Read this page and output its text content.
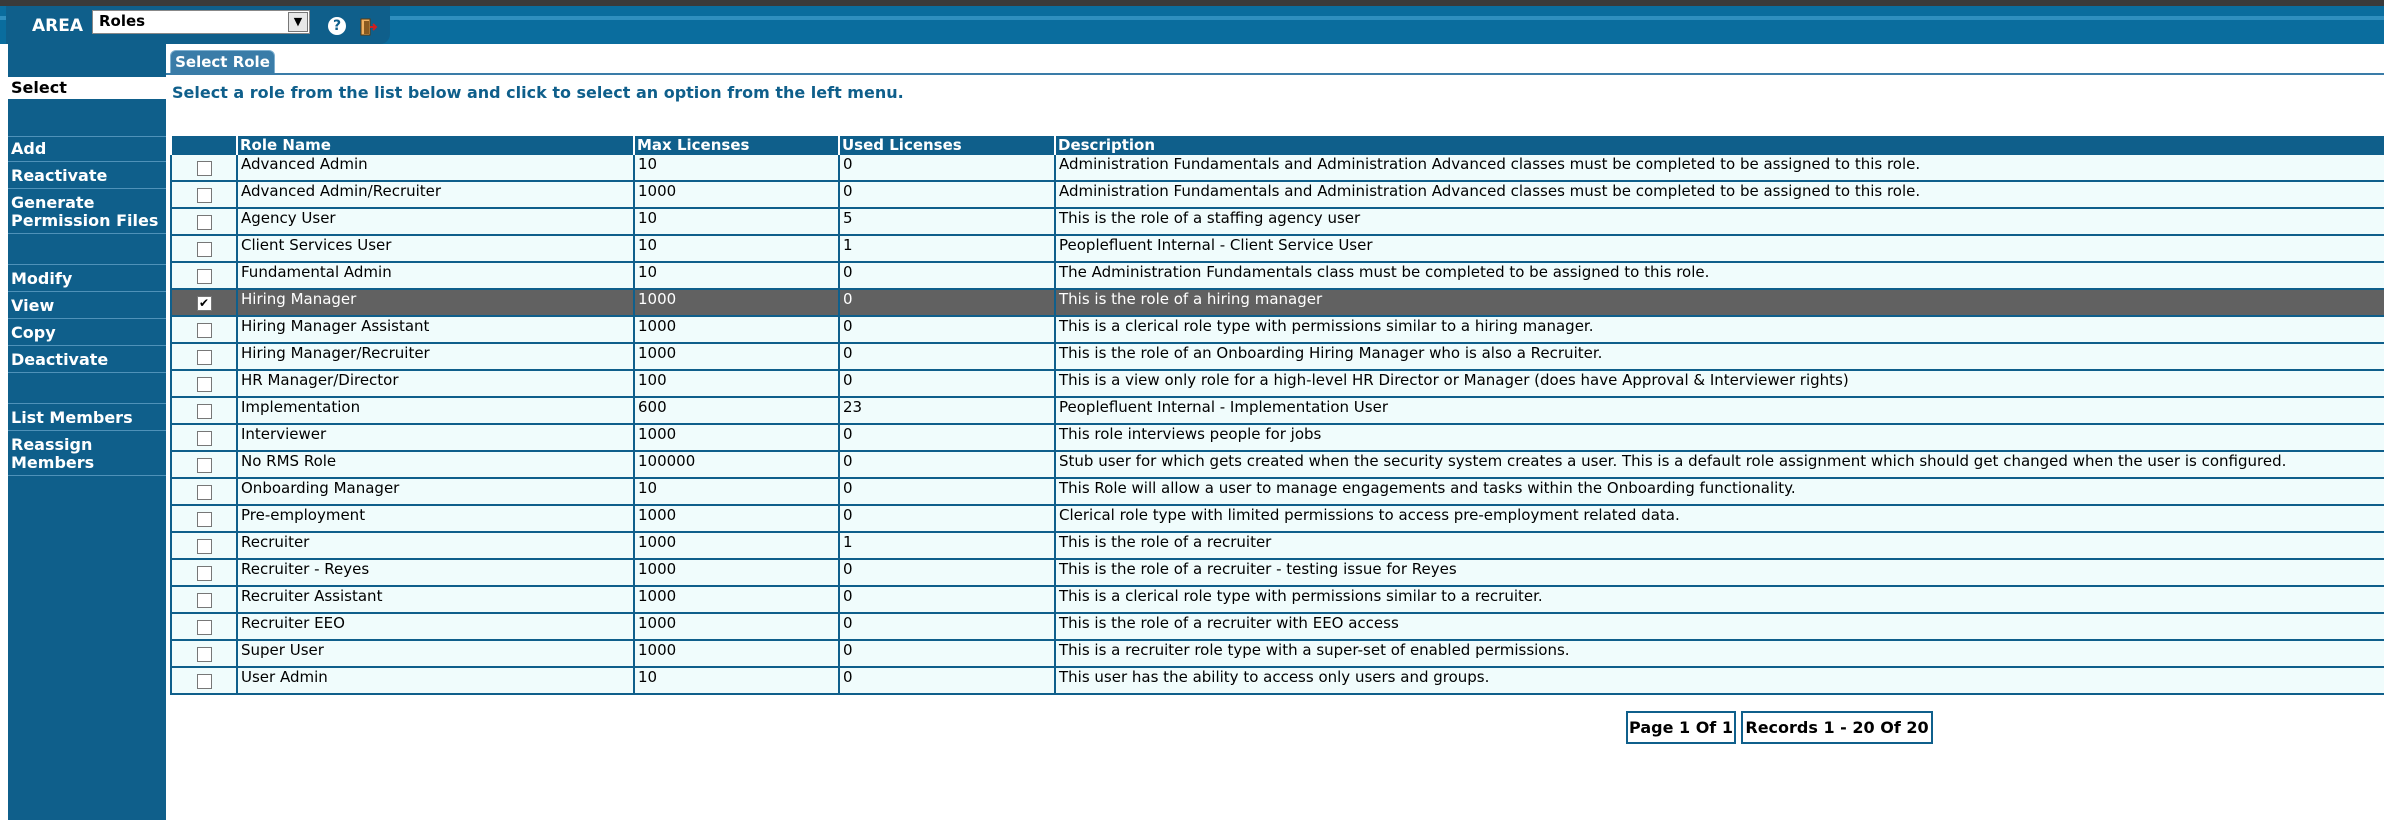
AREA	Roles	▼	?
Select
Add
Reactivate
Generate Permission Files
Modify
View
Copy
Deactivate
List Members
Reassign Members
Select Role
Select a role from the list below and click to select an option from the left menu.
	Role Name	Max Licenses	Used Licenses	Description
	Advanced Admin	10	0	Administration Fundamentals and Administration Advanced classes must be completed to be assigned to this role.
	Advanced Admin/Recruiter	1000	0	Administration Fundamentals and Administration Advanced classes must be completed to be assigned to this role.
	Agency User	10	5	This is the role of a staffing agency user
	Client Services User	10	1	Peoplefluent Internal - Client Service User
	Fundamental Admin	10	0	The Administration Fundamentals class must be completed to be assigned to this role.
✔	Hiring Manager	1000	0	This is the role of a hiring manager
	Hiring Manager Assistant	1000	0	This is a clerical role type with permissions similar to a hiring manager.
	Hiring Manager/Recruiter	1000	0	This is the role of an Onboarding Hiring Manager who is also a Recruiter.
	HR Manager/Director	100	0	This is a view only role for a high-level HR Director or Manager (does have Approval & Interviewer rights)
	Implementation	600	23	Peoplefluent Internal - Implementation User
	Interviewer	1000	0	This role interviews people for jobs
	No RMS Role	100000	0	Stub user for which gets created when the security system creates a user. This is a default role assignment which should get changed when the user is configured.
	Onboarding Manager	10	0	This Role will allow a user to manage engagements and tasks within the Onboarding functionality.
	Pre-employment	1000	0	Clerical role type with limited permissions to access pre-employment related data.
	Recruiter	1000	1	This is the role of a recruiter
	Recruiter - Reyes	1000	0	This is the role of a recruiter - testing issue for Reyes
	Recruiter Assistant	1000	0	This is a clerical role type with permissions similar to a recruiter.
	Recruiter EEO	1000	0	This is the role of a recruiter with EEO access
	Super User	1000	0	This is a recruiter role type with a super-set of enabled permissions.
	User Admin	10	0	This user has the ability to access only users and groups.
Page 1 Of 1 Records 1 - 20 Of 20
